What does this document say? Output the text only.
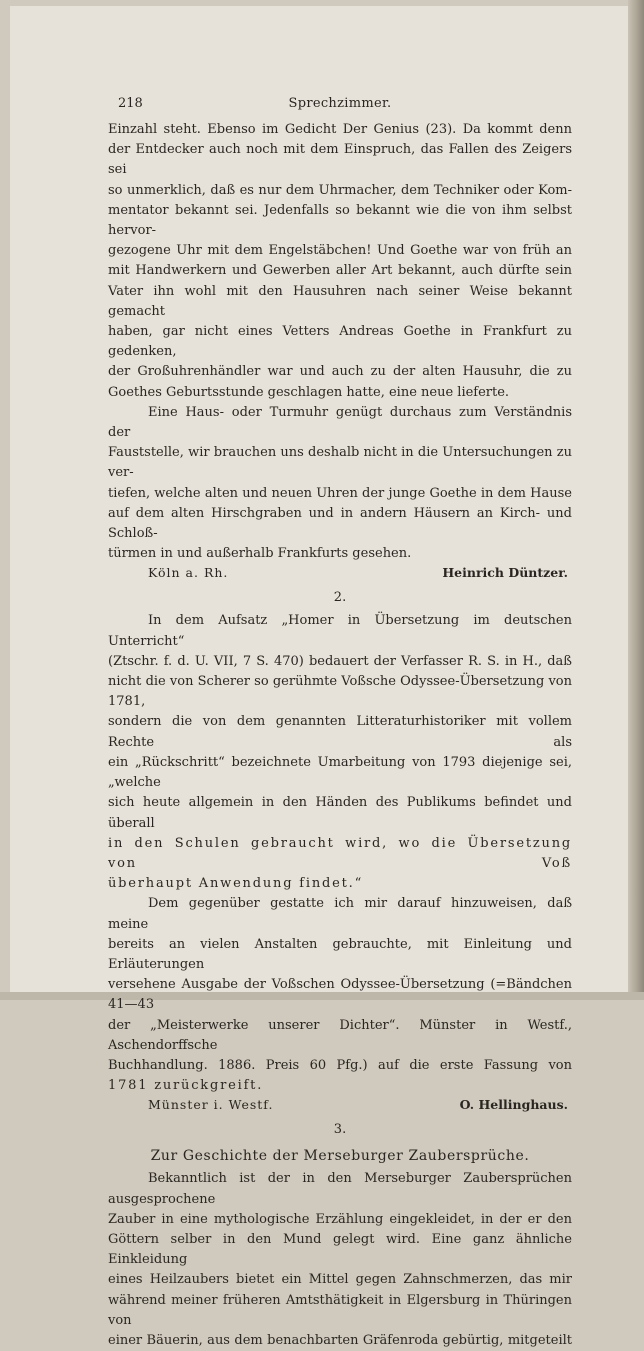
218	Sprechzimmer.

Einzahl steht. Ebenso im Gedicht Der Genius (23). Da kommt denn

der Entdecker auch noch mit dem Einspruch, das Fallen des Zeigers sei

so unmerklich, daß es nur dem Uhrmacher, dem Techniker oder Kom-

mentator bekannt sei. Jedenfalls so bekannt wie die von ihm selbst hervor-

gezogene Uhr mit dem Engelstäbchen! Und Goethe war von früh an

mit Handwerkern und Gewerben aller Art bekannt, auch dürfte sein

Vater ihn wohl mit den Hausuhren nach seiner Weise bekannt gemacht

haben, gar nicht eines Vetters Andreas Goethe in Frankfurt zu gedenken,

der Großuhrenhändler war und auch zu der alten Hausuhr, die zu

Goethes Geburtsstunde geschlagen hatte, eine neue lieferte.

Eine Haus- oder Turmuhr genügt durchaus zum Verständnis der

Fauststelle, wir brauchen uns deshalb nicht in die Untersuchungen zu ver-

tiefen, welche alten und neuen Uhren der junge Goethe in dem Hause

auf dem alten Hirschgraben und in andern Häusern an Kirch- und Schloß-

türmen in und außerhalb Frankfurts gesehen.

Köln a. Rh.	Heinrich Düntzer.
2.

In dem Aufsatz „Homer in Übersetzung im deutschen Unterricht“

(Ztschr. f. d. U. VII, 7 S. 470) bedauert der Verfasser R. S. in H., daß

nicht die von Scherer so gerühmte Voßsche Odyssee-Übersetzung von 1781,

sondern die von dem genannten Litteraturhistoriker mit vollem Rechte als

ein „Rückschritt“ bezeichnete Umarbeitung von 1793 diejenige sei, „welche

sich heute allgemein in den Händen des Publikums befindet und überall

in den Schulen gebraucht wird, wo die Übersetzung von Voß

überhaupt Anwendung findet.“

Dem gegenüber gestatte ich mir darauf hinzuweisen, daß meine

bereits an vielen Anstalten gebrauchte, mit Einleitung und Erläuterungen

versehene Ausgabe der Voßschen Odyssee-Übersetzung (=Bändchen 41—43

der „Meisterwerke unserer Dichter“. Münster in Westf., Aschendorffsche

Buchhandlung. 1886. Preis 60 Pfg.) auf die erste Fassung von

1781 zurückgreift.

Münster i. Westf.	O. Hellinghaus.
3.
Zur Geschichte der Merseburger Zaubersprüche.

Bekanntlich ist der in den Merseburger Zaubersprüchen ausgesprochene

Zauber in eine mythologische Erzählung eingekleidet, in der er den

Göttern selber in den Mund gelegt wird. Eine ganz ähnliche Einkleidung

eines Heilzaubers bietet ein Mittel gegen Zahnschmerzen, das mir

während meiner früheren Amtsthätigkeit in Elgersburg in Thüringen von

einer Bäuerin, aus dem benachbarten Gräfenroda gebürtig, mitgeteilt
